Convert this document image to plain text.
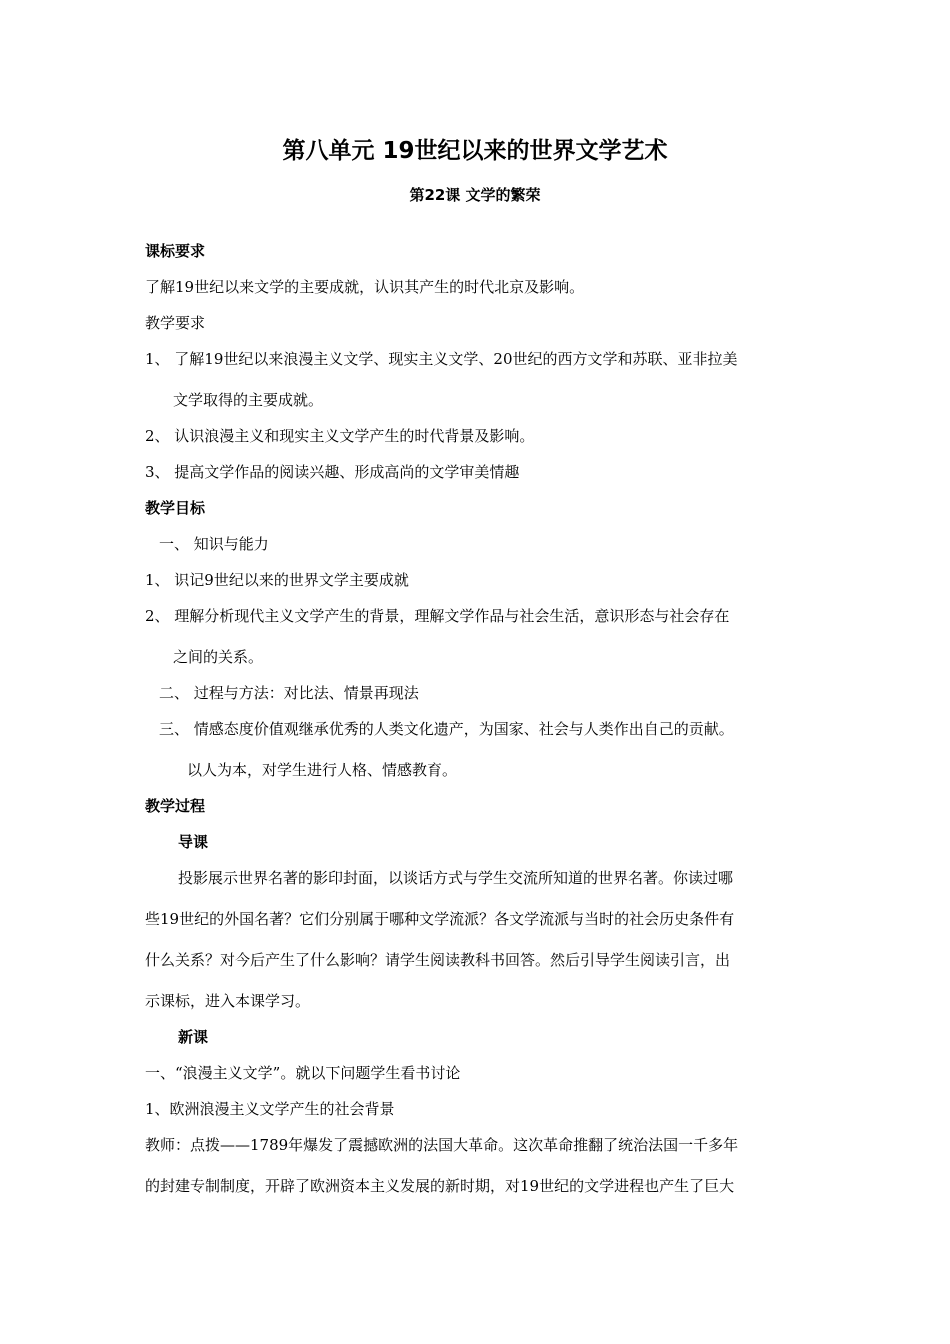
第八单元 19世纪以来的世界文学艺术
第22课 文学的繁荣
课标要求
了解19世纪以来文学的主要成就，认识其产生的时代北京及影响。
教学要求
1、 了解19世纪以来浪漫主义文学、现实主义文学、20世纪的西方文学和苏联、亚非拉美
文学取得的主要成就。
2、 认识浪漫主义和现实主义文学产生的时代背景及影响。
3、 提高文学作品的阅读兴趣、形成高尚的文学审美情趣
教学目标
一、 知识与能力
1、 识记9世纪以来的世界文学主要成就
2、 理解分析现代主义文学产生的背景，理解文学作品与社会生活，意识形态与社会存在
之间的关系。
二、 过程与方法：对比法、情景再现法
三、 情感态度价值观继承优秀的人类文化遗产，为国家、社会与人类作出自己的贡献。
以人为本，对学生进行人格、情感教育。
教学过程
导课
投影展示世界名著的影印封面，以谈话方式与学生交流所知道的世界名著。你读过哪
些19世纪的外国名著？它们分别属于哪种文学流派？各文学流派与当时的社会历史条件有
什么关系？对今后产生了什么影响？请学生阅读教科书回答。然后引导学生阅读引言，出
示课标，进入本课学习。
新课
一、“浪漫主义文学”。就以下问题学生看书讨论
1、欧洲浪漫主义文学产生的社会背景
教师：点拨——1789年爆发了震撼欧洲的法国大革命。这次革命推翻了统治法国一千多年
的封建专制制度，开辟了欧洲资本主义发展的新时期，对19世纪的文学进程也产生了巨大
